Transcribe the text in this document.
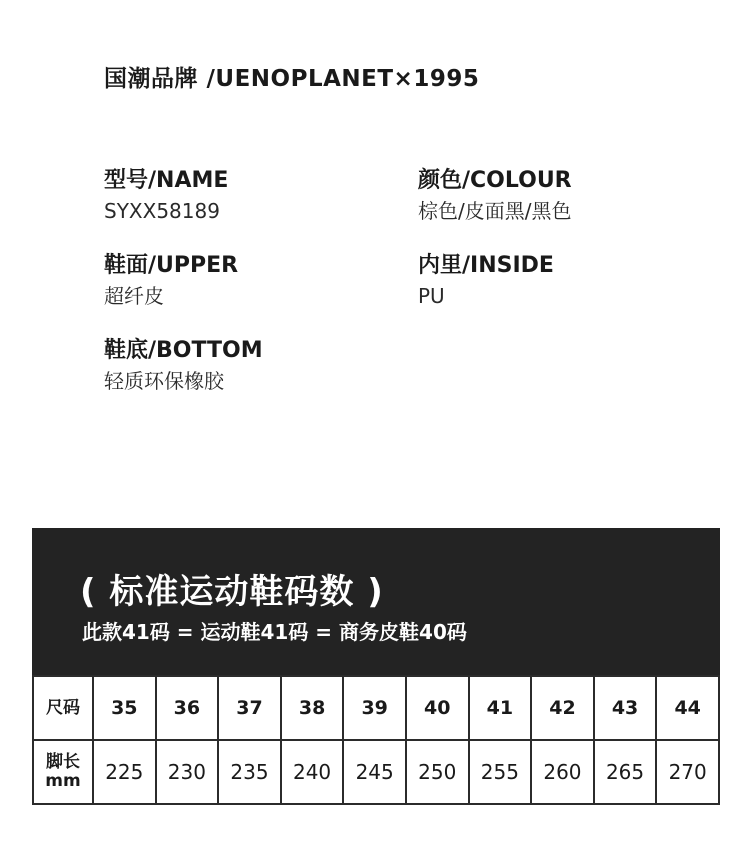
国潮品牌 /UENOPLANET×1995
型号/NAME
SYXX58189
颜色/COLOUR
棕色/皮面黑/黑色
鞋面/UPPER
超纤皮
内里/INSIDE
PU
鞋底/BOTTOM
轻质环保橡胶
( 标准运动鞋码数 )
此款41码 = 运动鞋41码 = 商务皮鞋40码
尺码	35	36	37	38	39	40	41	42	43	44

脚长
mm	225	230	235	240	245	250	255	260	265	270
